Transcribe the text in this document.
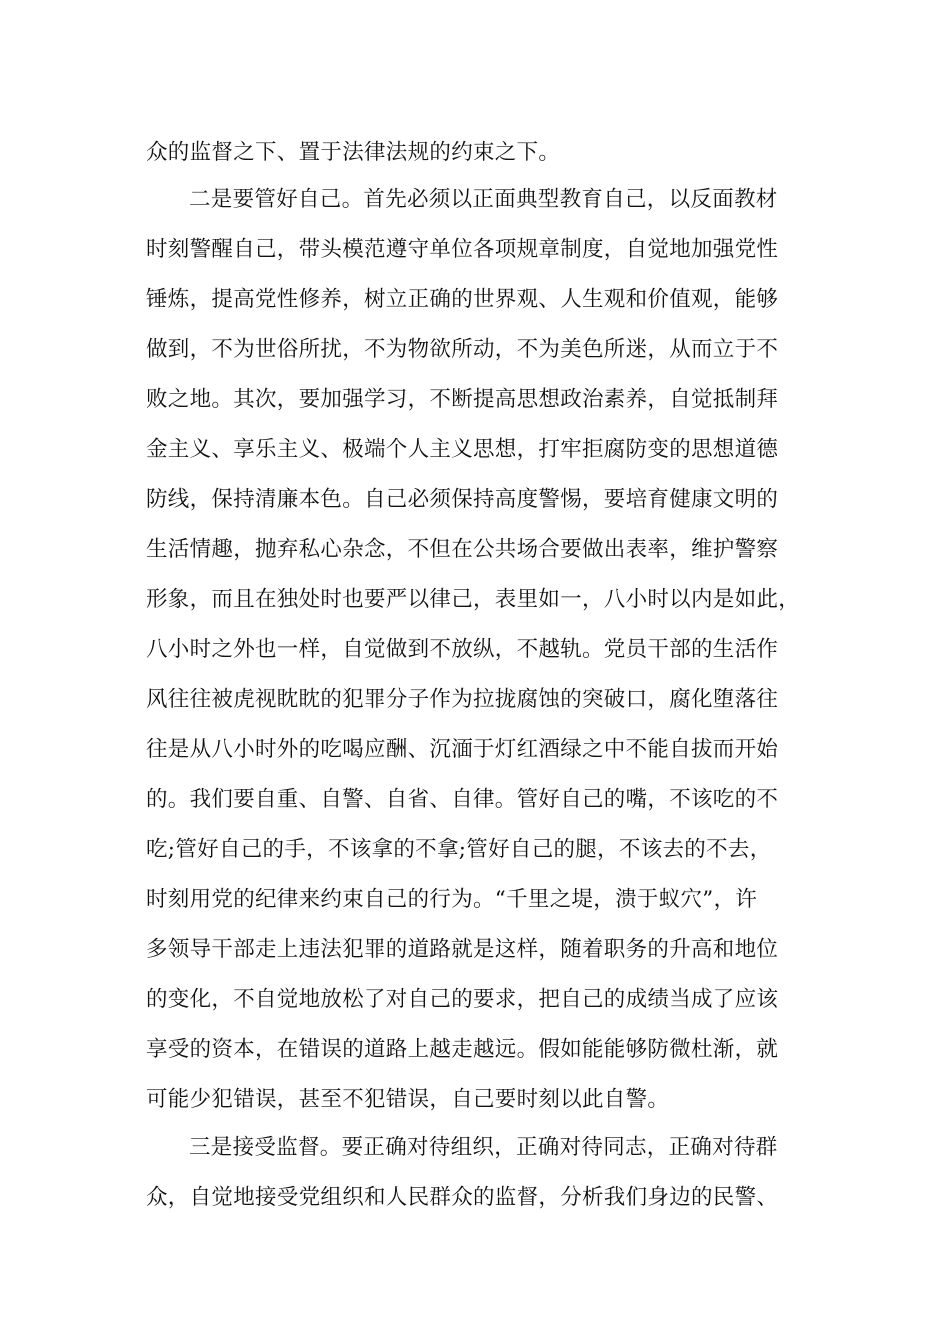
众的监督之下、置于法律法规的约束之下。
二是要管好自己。首先必须以正面典型教育自己，以反面教材
时刻警醒自己，带头模范遵守单位各项规章制度，自觉地加强党性
锤炼，提高党性修养，树立正确的世界观、人生观和价值观，能够
做到，不为世俗所扰，不为物欲所动，不为美色所迷，从而立于不
败之地。其次，要加强学习，不断提高思想政治素养，自觉抵制拜
金主义、享乐主义、极端个人主义思想，打牢拒腐防变的思想道德
防线，保持清廉本色。自己必须保持高度警惕，要培育健康文明的
生活情趣，抛弃私心杂念，不但在公共场合要做出表率，维护警察
形象，而且在独处时也要严以律己，表里如一，八小时以内是如此，
八小时之外也一样，自觉做到不放纵，不越轨。党员干部的生活作
风往往被虎视眈眈的犯罪分子作为拉拢腐蚀的突破口，腐化堕落往
往是从八小时外的吃喝应酬、沉湎于灯红酒绿之中不能自拔而开始
的。我们要自重、自警、自省、自律。管好自己的嘴，不该吃的不
吃;管好自己的手，不该拿的不拿;管好自己的腿，不该去的不去，
时刻用党的纪律来约束自己的行为。“千里之堤，溃于蚁穴”，许
多领导干部走上违法犯罪的道路就是这样，随着职务的升高和地位
的变化，不自觉地放松了对自己的要求，把自己的成绩当成了应该
享受的资本，在错误的道路上越走越远。假如能能够防微杜渐，就
可能少犯错误，甚至不犯错误，自己要时刻以此自警。
三是接受监督。要正确对待组织，正确对待同志，正确对待群
众，自觉地接受党组织和人民群众的监督，分析我们身边的民警、
